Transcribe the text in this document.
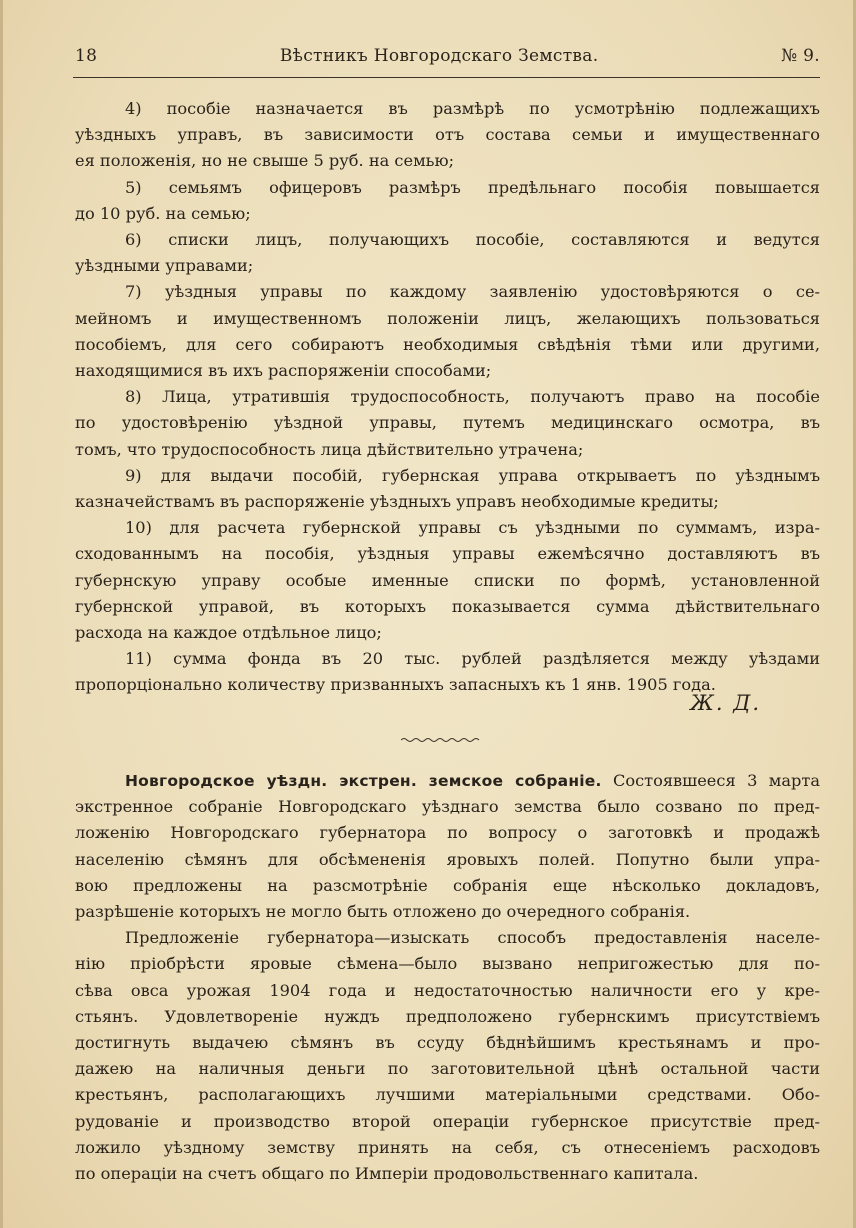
18	Вѣстникъ Новгородскаго Земства.	№ 9.
4) пособіе назначается въ размѣрѣ по усмотрѣнію подлежащихъ
уѣздныхъ управъ, въ зависимости отъ состава семьи и имущественнаго
ея положенія, но не свыше 5 руб. на семью;
5) семьямъ офицеровъ размѣръ предѣльнаго пособія повышается
до 10 руб. на семью;
6) списки лицъ, получающихъ пособіе, составляются и ведутся
уѣздными управами;
7) уѣздныя управы по каждому заявленію удостовѣряются о се-
мейномъ и имущественномъ положеніи лицъ, желающихъ пользоваться
пособіемъ, для сего собираютъ необходимыя свѣдѣнія тѣми или другими,
находящимися въ ихъ распоряженіи способами;
8) Лица, утратившія трудоспособность, получаютъ право на пособіе
по удостовѣренію уѣздной управы, путемъ медицинскаго осмотра, въ
томъ, что трудоспособность лица дѣйствительно утрачена;
9) для выдачи пособій, губернская управа открываетъ по уѣзднымъ
казначействамъ въ распоряженіе уѣздныхъ управъ необходимые кредиты;
10) для расчета губернской управы съ уѣздными по суммамъ, изра-
сходованнымъ на пособія, уѣздныя управы ежемѣсячно доставляютъ въ
губернскую управу особые именные списки по формѣ, установленной
губернской управой, въ которыхъ показывается сумма дѣйствительнаго
расхода на каждое отдѣльное лицо;
11) сумма фонда въ 20 тыс. рублей раздѣляется между уѣздами
пропорціонально количеству призванныхъ запасныхъ къ 1 янв. 1905 года.
Ж. Д.
Новгородское уѣздн. экстрен. земское собраніе. Состоявшееся 3 марта
экстренное собраніе Новгородскаго уѣзднаго земства было созвано по пред-
ложенію Новгородскаго губернатора по вопросу о заготовкѣ и продажѣ
населенію сѣмянъ для обсѣмененія яровыхъ полей. Попутно были упра-
вою предложены на разсмотрѣніе собранія еще нѣсколько докладовъ,
разрѣшеніе которыхъ не могло быть отложено до очередного собранія.
Предложеніе губернатора—изыскать способъ предоставленія населе-
нію пріобрѣсти яровые сѣмена—было вызвано непригожестью для по-
сѣва овса урожая 1904 года и недостаточностью наличности его у кре-
стьянъ. Удовлетвореніе нуждъ предположено губернскимъ присутствіемъ
достигнуть выдачею сѣмянъ въ ссуду бѣднѣйшимъ крестьянамъ и про-
дажею на наличныя деньги по заготовительной цѣнѣ остальной части
крестьянъ, располагающихъ лучшими матеріальными средствами. Обо-
рудованіе и производство второй операціи губернское присутствіе пред-
ложило уѣздному земству принять на себя, съ отнесеніемъ расходовъ
по операціи на счетъ общаго по Имперіи продовольственнаго капитала.
